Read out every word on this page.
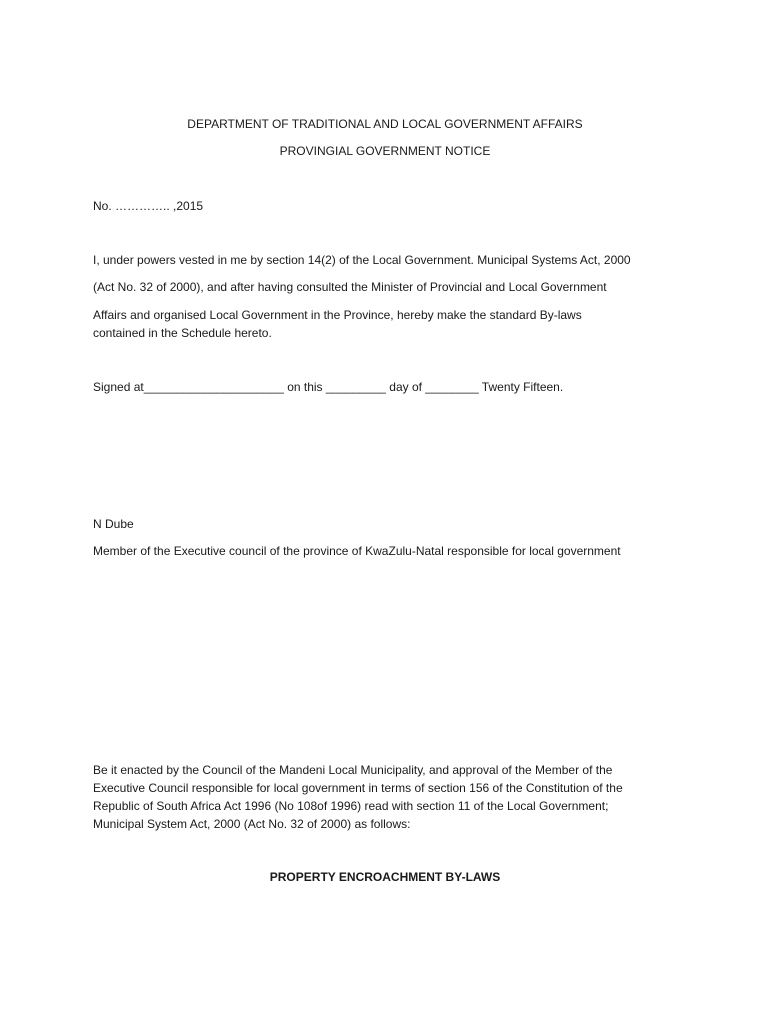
DEPARTMENT OF TRADITIONAL AND LOCAL GOVERNMENT AFFAIRS
PROVINGIAL GOVERNMENT NOTICE
No. ………….. ,2015
I, under powers vested in me by section 14(2) of the Local Government. Municipal Systems Act, 2000
(Act No. 32 of 2000), and after having consulted the Minister of Provincial and Local Government
Affairs and organised Local Government in the Province, hereby make the standard By-laws
contained in the Schedule hereto.
Signed at_____________________ on this _________ day of ________ Twenty Fifteen.
N Dube
Member of the Executive council of the province of KwaZulu-Natal responsible for local government
Be it enacted by the Council of the Mandeni Local Municipality, and approval of the Member of the
Executive Council responsible for local government in terms of section 156 of the Constitution of the
Republic of South Africa Act 1996 (No 108of 1996) read with section 11 of the Local Government;
Municipal System Act, 2000 (Act No. 32 of 2000) as follows:
PROPERTY ENCROACHMENT BY-LAWS
